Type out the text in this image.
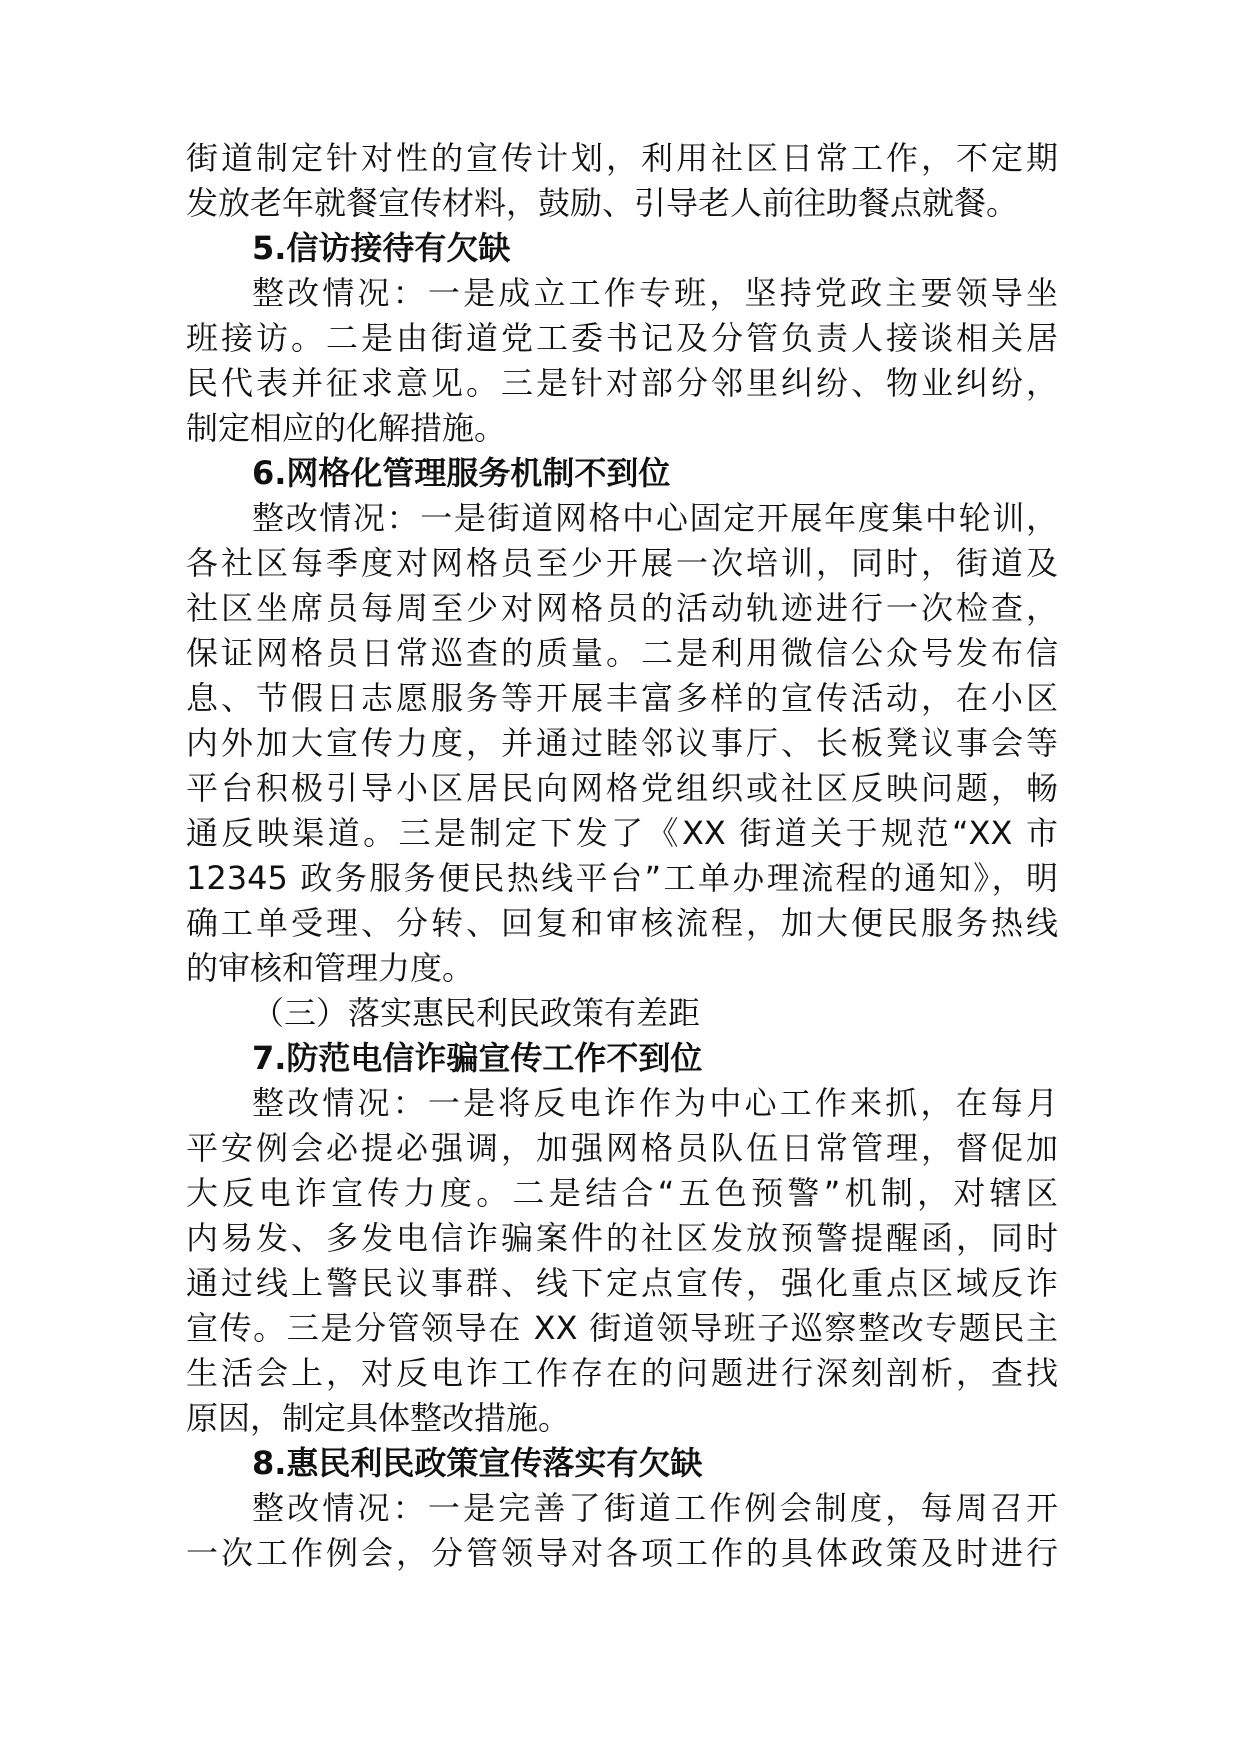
街道制定针对性的宣传计划，利用社区日常工作，不定期
发放老年就餐宣传材料，鼓励、引导老人前往助餐点就餐。
5.信访接待有欠缺
整改情况：一是成立工作专班，坚持党政主要领导坐
班接访。二是由街道党工委书记及分管负责人接谈相关居
民代表并征求意见。三是针对部分邻里纠纷、物业纠纷，
制定相应的化解措施。
6.网格化管理服务机制不到位
整改情况：一是街道网格中心固定开展年度集中轮训，
各社区每季度对网格员至少开展一次培训，同时，街道及
社区坐席员每周至少对网格员的活动轨迹进行一次检查，
保证网格员日常巡查的质量。二是利用微信公众号发布信
息、节假日志愿服务等开展丰富多样的宣传活动，在小区
内外加大宣传力度，并通过睦邻议事厅、长板凳议事会等
平台积极引导小区居民向网格党组织或社区反映问题，畅
通反映渠道。三是制定下发了《XX 街道关于规范“XX 市
12345 政务服务便民热线平台”工单办理流程的通知》，明
确工单受理、分转、回复和审核流程，加大便民服务热线
的审核和管理力度。
（三）落实惠民利民政策有差距
7.防范电信诈骗宣传工作不到位
整改情况：一是将反电诈作为中心工作来抓，在每月
平安例会必提必强调，加强网格员队伍日常管理，督促加
大反电诈宣传力度。二是结合“五色预警”机制，对辖区
内易发、多发电信诈骗案件的社区发放预警提醒函，同时
通过线上警民议事群、线下定点宣传，强化重点区域反诈
宣传。三是分管领导在 XX 街道领导班子巡察整改专题民主
生活会上，对反电诈工作存在的问题进行深刻剖析，查找
原因，制定具体整改措施。
8.惠民利民政策宣传落实有欠缺
整改情况：一是完善了街道工作例会制度，每周召开
一次工作例会，分管领导对各项工作的具体政策及时进行
